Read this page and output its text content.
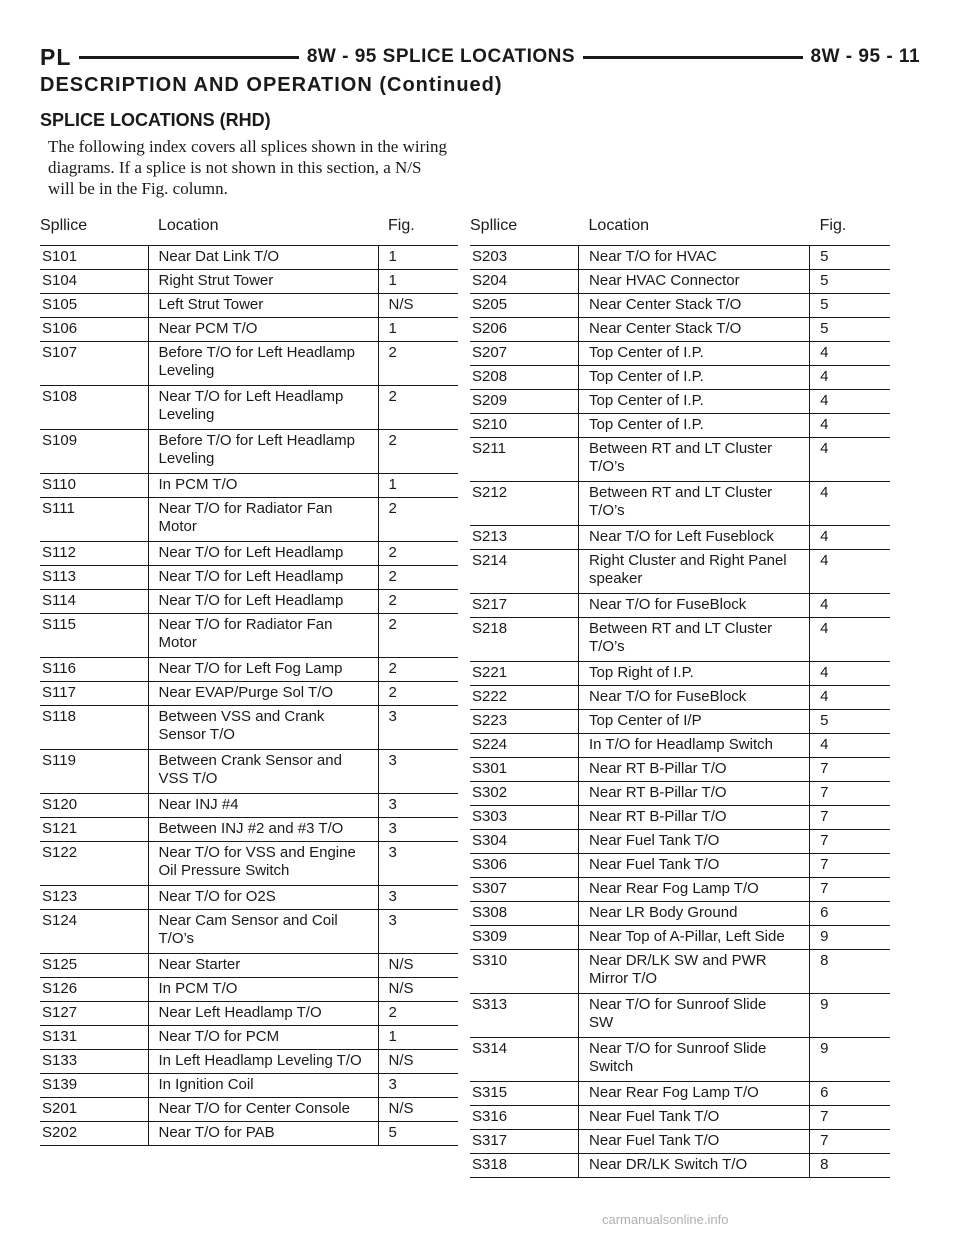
PL	8W - 95 SPLICE LOCATIONS	8W - 95 - 11
DESCRIPTION AND OPERATION (Continued)
SPLICE LOCATIONS (RHD)

The following index covers all splices shown in the wiring diagrams. If a splice is not shown in this section, a N/S will be in the Fig. column.

Spllice	Location	Fig.
S101	Near Dat Link T/O	1
S104	Right Strut Tower	1
S105	Left Strut Tower	N/S
S106	Near PCM T/O	1
S107	Before T/O for Left Headlamp
Leveling	2
S108	Near T/O for Left Headlamp
Leveling	2
S109	Before T/O for Left Headlamp
Leveling	2
S110	In PCM T/O	1
S111	Near T/O for Radiator Fan
Motor	2
S112	Near T/O for Left Headlamp	2
S113	Near T/O for Left Headlamp	2
S114	Near T/O for Left Headlamp	2
S115	Near T/O for Radiator Fan
Motor	2
S116	Near T/O for Left Fog Lamp	2
S117	Near EVAP/Purge Sol T/O	2
S118	Between VSS and Crank
Sensor T/O	3
S119	Between Crank Sensor and
VSS T/O	3
S120	Near INJ #4	3
S121	Between INJ #2 and #3 T/O	3
S122	Near T/O for VSS and Engine
Oil Pressure Switch	3
S123	Near T/O for O2S	3
S124	Near Cam Sensor and Coil
T/O’s	3
S125	Near Starter	N/S
S126	In PCM T/O	N/S
S127	Near Left Headlamp T/O	2
S131	Near T/O for PCM	1
S133	In Left Headlamp Leveling T/O	N/S
S139	In Ignition Coil	3
S201	Near T/O for Center Console	N/S
S202	Near T/O for PAB	5
Spllice	Location	Fig.
S203	Near T/O for HVAC	5
S204	Near HVAC Connector	5
S205	Near Center Stack T/O	5
S206	Near Center Stack T/O	5
S207	Top Center of I.P.	4
S208	Top Center of I.P.	4
S209	Top Center of I.P.	4
S210	Top Center of I.P.	4
S211	Between RT and LT Cluster
T/O’s	4
S212	Between RT and LT Cluster
T/O’s	4
S213	Near T/O for Left Fuseblock	4
S214	Right Cluster and Right Panel
speaker	4
S217	Near T/O for FuseBlock	4
S218	Between RT and LT Cluster
T/O’s	4
S221	Top Right of I.P.	4
S222	Near T/O for FuseBlock	4
S223	Top Center of I/P	5
S224	In T/O for Headlamp Switch	4
S301	Near RT B-Pillar T/O	7
S302	Near RT B-Pillar T/O	7
S303	Near RT B-Pillar T/O	7
S304	Near Fuel Tank T/O	7
S306	Near Fuel Tank T/O	7
S307	Near Rear Fog Lamp T/O	7
S308	Near LR Body Ground	6
S309	Near Top of A-Pillar, Left Side	9
S310	Near DR/LK SW and PWR
Mirror T/O	8
S313	Near T/O for Sunroof Slide
SW	9
S314	Near T/O for Sunroof Slide
Switch	9
S315	Near Rear Fog Lamp T/O	6
S316	Near Fuel Tank T/O	7
S317	Near Fuel Tank T/O	7
S318	Near DR/LK Switch T/O	8
carmanualsonline.info
